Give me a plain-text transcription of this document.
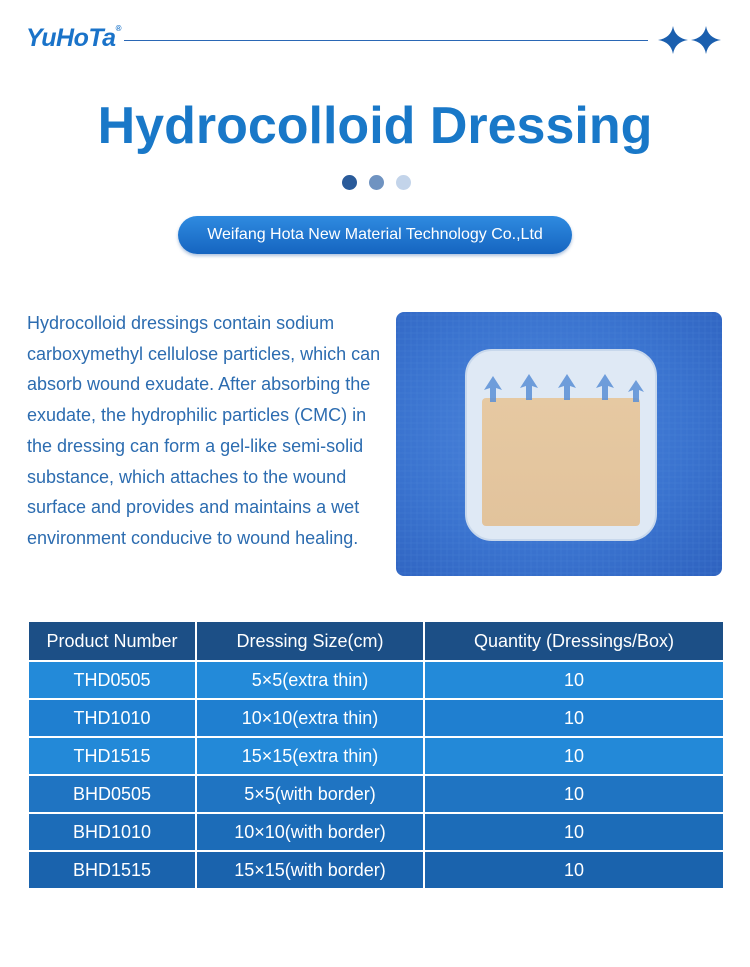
YuHoTa®
Hydrocolloid Dressing
Weifang Hota New Material Technology Co.,Ltd

Hydrocolloid dressings contain sodium carboxymethyl cellulose particles, which can absorb wound exudate. After absorbing the exudate, the hydrophilic particles (CMC) in the dressing can form a gel-like semi-solid substance, which attaches to the wound surface and provides and maintains a wet environment conducive to wound healing.

Product Number	Dressing Size(cm)	Quantity (Dressings/Box)
THD0505	5×5(extra thin)	10
THD1010	10×10(extra thin)	10
THD1515	15×15(extra thin)	10
BHD0505	5×5(with border)	10
BHD1010	10×10(with border)	10
BHD1515	15×15(with border)	10
